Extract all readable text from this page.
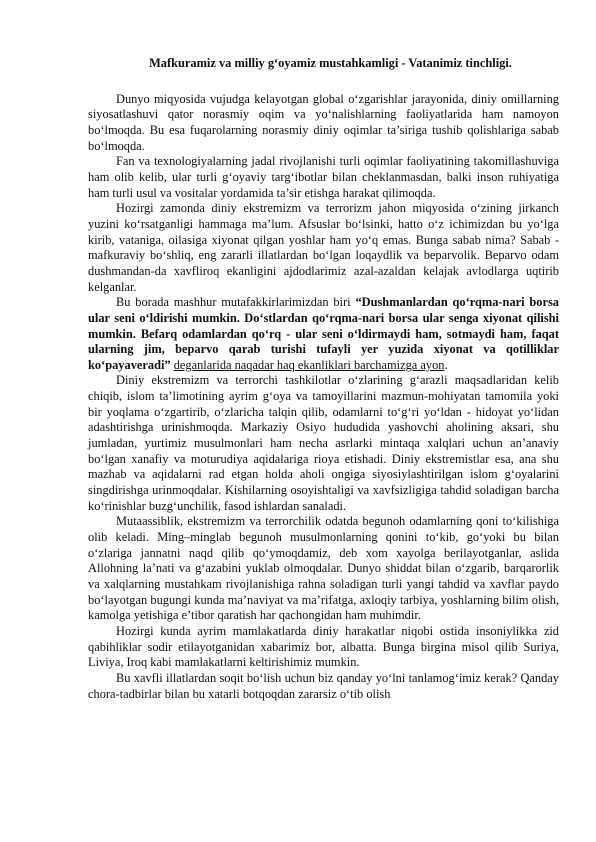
Mafkuramiz va milliy g‘oyamiz mustahkamligi - Vatanimiz tinchligi.

Dunyo miqyosida vujudga kelayotgan global o‘zgarishlar jarayonida, diniy omillarning siyosatlashuvi qator norasmiy oqim va yo‘nalishlarning faoliyatlarida ham namoyon bo‘lmoqda. Bu esa fuqarolarning norasmiy diniy oqimlar ta’siriga tushib qolishlariga sabab bo‘lmoqda.

Fan va texnologiyalarning jadal rivojlanishi turli oqimlar faoliyatining takomillashuviga ham olib kelib, ular turli g‘oyaviy targ‘ibotlar bilan cheklanmasdan, balki inson ruhiyatiga ham turli usul va vositalar yordamida ta’sir etishga harakat qilimoqda.

Hozirgi zamonda diniy ekstremizm va terrorizm jahon miqyosida o‘zining jirkanch yuzini ko‘rsatganligi hammaga ma’lum. Afsuslar bo‘lsinki, hatto o‘z ichimizdan bu yo‘lga kirib, vataniga, oilasiga xiyonat qilgan yoshlar ham yo‘q emas. Bunga sabab nima? Sabab - mafkuraviy bo‘shliq, eng zararli illatlardan bo‘lgan loqaydlik va beparvolik. Beparvo odam dushmandan-da xavfliroq ekanligini ajdodlarimiz azal-azaldan kelajak avlodlarga uqtirib kelganlar.

Bu borada mashhur mutafakkirlarimizdan biri “Dushmanlardan qo‘rqma-nari borsa ular seni o‘ldirishi mumkin. Do‘stlardan qo‘rqma-nari borsa ular senga xiyonat qilishi mumkin. Befarq odamlardan qo‘rq - ular seni o‘ldirmaydi ham, sotmaydi ham, faqat ularning jim, beparvo qarab turishi tufayli yer yuzida xiyonat va qotilliklar ko‘payaveradi” deganlarida naqadar haq ekanliklari barchamizga ayon.

Diniy ekstremizm va terrorchi tashkilotlar o‘zlarining g‘arazli maqsadlaridan kelib chiqib, islom ta’limotining ayrim g‘oya va tamoyillarini mazmun-mohiyatan tamomila yoki bir yoqlama o‘zgartirib, o‘zlaricha talqin qilib, odamlarni to‘g‘ri yo‘ldan - hidoyat yo‘lidan adashtirishga urinishmoqda. Markaziy Osiyo hududida yashovchi aholining aksari, shu jumladan, yurtimiz musulmonlari ham necha asrlarki mintaqa xalqlari uchun an’anaviy bo‘lgan xanafiy va moturudiya aqidalariga rioya etishadi. Diniy ekstremistlar esa, ana shu mazhab va aqidalarni rad etgan holda aholi ongiga siyosiylashtirilgan islom g‘oyalarini singdirishga urinmoqdalar. Kishilarning osoyishtaligi va xavfsizligiga tahdid soladigan barcha ko‘rinishlar buzg‘unchilik, fasod ishlardan sanaladi.

Mutaassiblik, ekstremizm va terrorchilik odatda begunoh odamlarning qoni to‘kilishiga olib keladi. Ming–minglab begunoh musulmonlarning qonini to‘kib, go‘yoki bu bilan o‘zlariga jannatni naqd qilib qo‘ymoqdamiz, deb xom xayolga berilayotganlar, aslida Allohning la’nati va g‘azabini yuklab olmoqdalar. Dunyo shiddat bilan o‘zgarib, barqarorlik va xalqlarning mustahkam rivojlanishiga rahna soladigan turli yangi tahdid va xavflar paydo bo‘layotgan bugungi kunda ma’naviyat va ma’rifatga, axloqiy tarbiya, yoshlarning bilim olish, kamolga yetishiga e’tibor qaratish har qachongidan ham muhimdir.

Hozirgi kunda ayrim mamlakatlarda diniy harakatlar niqobi ostida insoniylikka zid qabihliklar sodir etilayotganidan xabarimiz bor, albatta. Bunga birgina misol qilib Suriya, Liviya, Iroq kabi mamlakatlarni keltirishimiz mumkin.

Bu xavfli illatlardan soqit bo‘lish uchun biz qanday yo‘lni tanlamog‘imiz kerak? Qanday chora-tadbirlar bilan bu xatarli botqoqdan zararsiz o‘tib olish
